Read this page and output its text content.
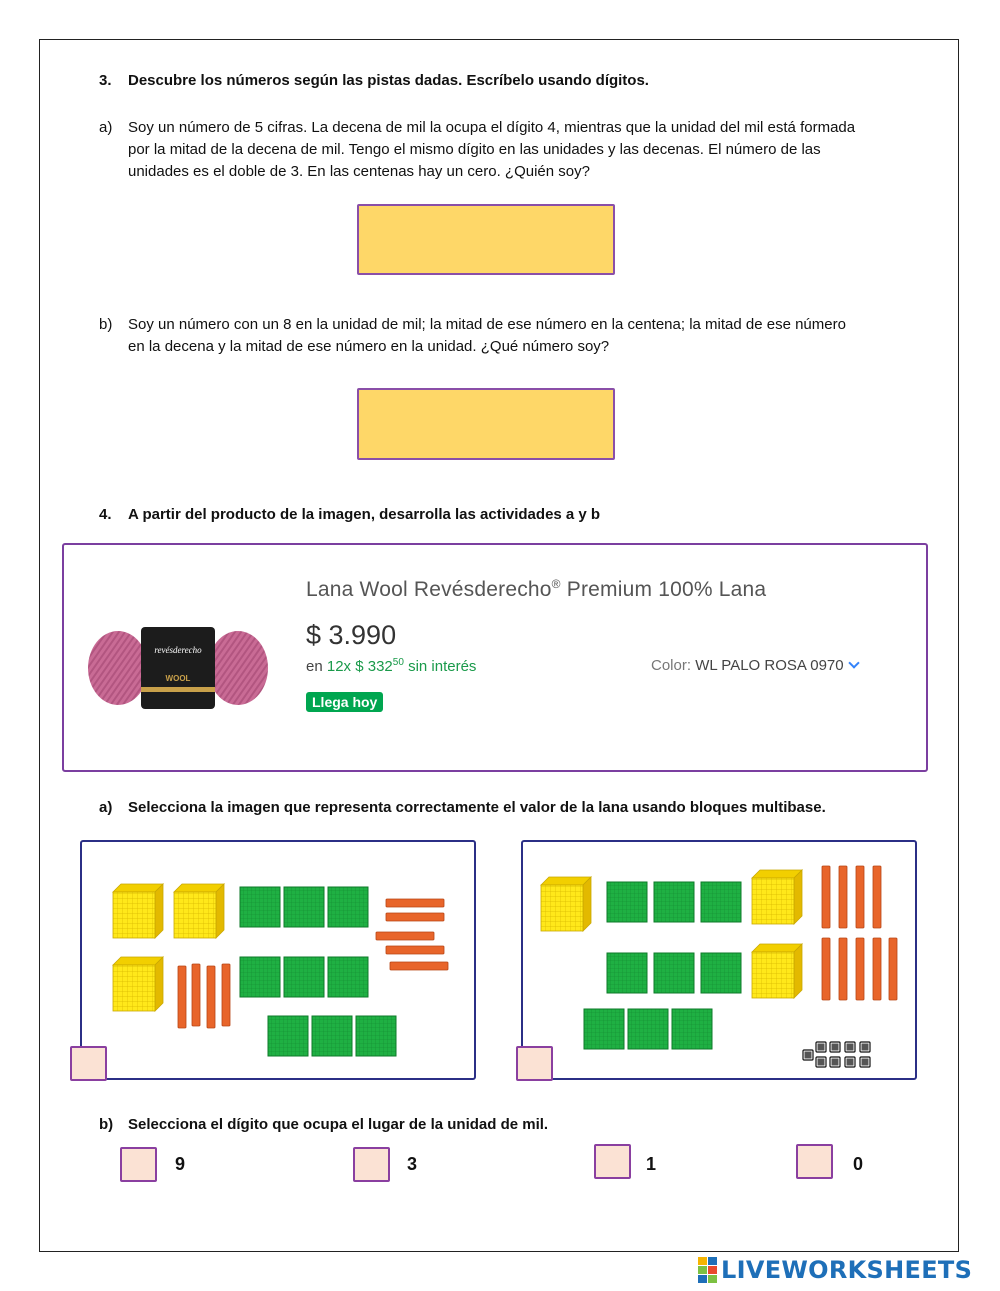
3. Descubre los números según las pistas dadas. Escríbelo usando dígitos.
a) Soy un número de 5 cifras. La decena de mil la ocupa el dígito 4, mientras que la unidad del mil está formada
por la mitad de la decena de mil. Tengo el mismo dígito en las unidades y las decenas. El número de las
unidades es el doble de 3. En las centenas hay un cero. ¿Quién soy?
b) Soy un número con un 8 en la unidad de mil; la mitad de ese número en la centena; la mitad de ese número
en la decena y la mitad de ese número en la unidad. ¿Qué número soy?
4. A partir del producto de la imagen, desarrolla las actividades a y b
revésderecho
WOOL
Lana Wool Revésderecho® Premium 100% Lana
$ 3.990
en 12x $ $332^{50}$ sin interés	Color: WL PALO ROSA 0970
Llega hoy
a) Selecciona la imagen que representa correctamente el valor de la lana usando bloques multibase.
b) Selecciona el dígito que ocupa el lugar de la unidad de mil.
9	3	1	0
LIVEWORKSHEETS
